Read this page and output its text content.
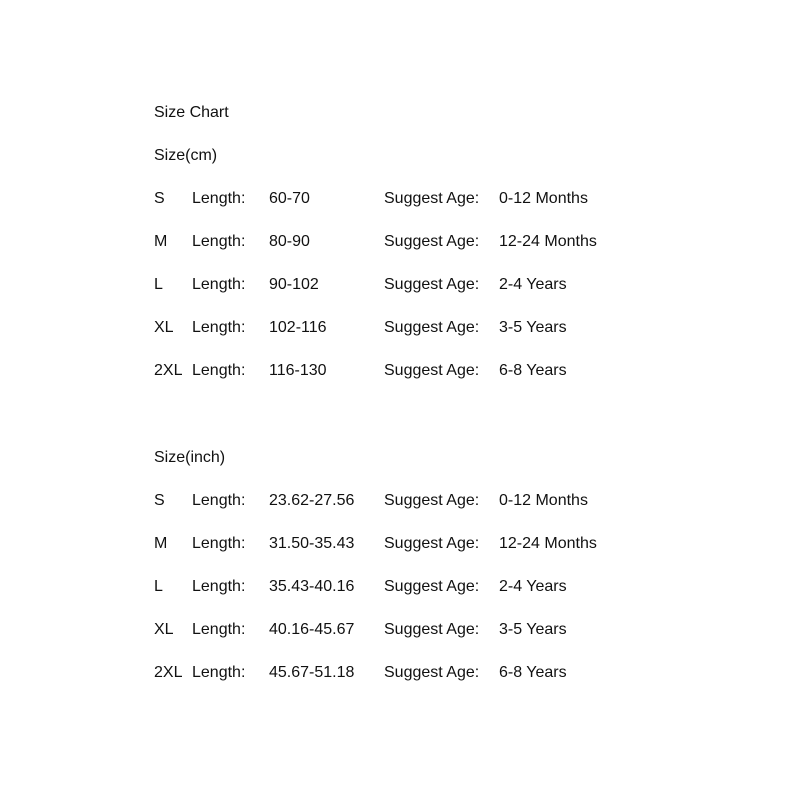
Size Chart
Size(cm)
S Length: 60-70	Suggest Age: 0-12 Months
M Length: 80-90	Suggest Age: 12-24 Months
L Length: 90-102	Suggest Age: 2-4 Years
XL Length: 102-116	Suggest Age: 3-5 Years
2XL Length: 116-130	Suggest Age: 6-8 Years
Size(inch)
S Length: 23.62-27.56 Suggest Age: 0-12 Months
M Length: 31.50-35.43 Suggest Age: 12-24 Months
L Length: 35.43-40.16 Suggest Age: 2-4 Years
XL Length: 40.16-45.67 Suggest Age: 3-5 Years
2XL Length: 45.67-51.18 Suggest Age: 6-8 Years
